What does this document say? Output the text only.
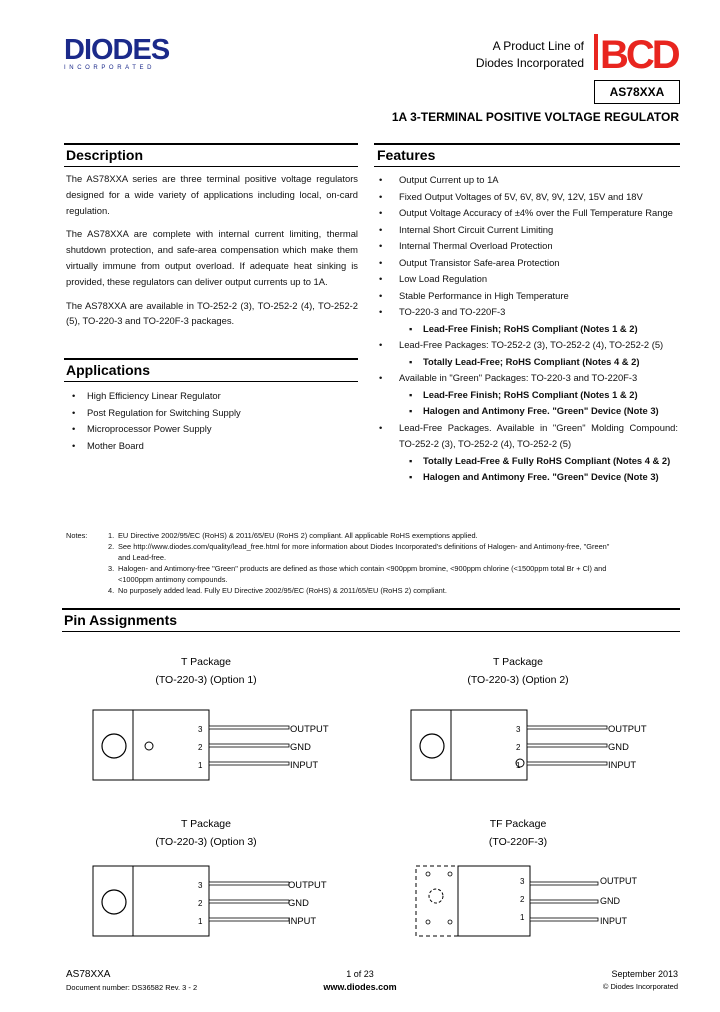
DIODES
INCORPORATED
A Product Line of
Diodes Incorporated BCD
AS78XXA
1A 3-TERMINAL POSITIVE VOLTAGE REGULATOR
Description

The AS78XXA series are three terminal positive voltage regulators designed for a wide variety of applications including local, on-card regulation.

The AS78XXA are complete with internal current limiting, thermal shutdown protection, and safe-area compensation which make them virtually immune from output overload. If adequate heat sinking is provided, these regulators can deliver output currents up to 1A.

The AS78XXA are available in TO-252-2 (3), TO-252-2 (4), TO-252-2 (5), TO-220-3 and TO-220F-3 packages.

Applications
• High Efficiency Linear Regulator
• Post Regulation for Switching Supply
• Microprocessor Power Supply
• Mother Board
Features
• Output Current up to 1A
• Fixed Output Voltages of 5V, 6V, 8V, 9V, 12V, 15V and 18V
• Output Voltage Accuracy of ±4% over the Full Temperature Range
• Internal Short Circuit Current Limiting
• Internal Thermal Overload Protection
• Output Transistor Safe-area Protection
• Low Load Regulation
• Stable Performance in High Temperature
• TO-220-3 and TO-220F-3
▪ Lead-Free Finish; RoHS Compliant (Notes 1 & 2)
• Lead-Free Packages: TO-252-2 (3), TO-252-2 (4), TO-252-2 (5)
▪ Totally Lead-Free; RoHS Compliant (Notes 4 & 2)
• Available in "Green" Packages: TO-220-3 and TO-220F-3
▪ Lead-Free Finish; RoHS Compliant (Notes 1 & 2)
▪ Halogen and Antimony Free. "Green" Device (Note 3)
• Lead-Free Packages. Available in "Green" Molding Compound: TO-252-2 (3), TO-252-2 (4), TO-252-2 (5)
▪ Totally Lead-Free & Fully RoHS Compliant (Notes 4 & 2)
▪ Halogen and Antimony Free. "Green" Device (Note 3)
Notes:	1. EU Directive 2002/95/EC (RoHS) & 2011/65/EU (RoHS 2) compliant. All applicable RoHS exemptions applied.
2. See http://www.diodes.com/quality/lead_free.html for more information about Diodes Incorporated's definitions of Halogen- and Antimony-free, "Green"
and Lead-free.
3. Halogen- and Antimony-free "Green" products are defined as those which contain <900ppm bromine, <900ppm chlorine (<1500ppm total Br + Cl) and
<1000ppm antimony compounds.
4. No purposely added lead. Fully EU Directive 2002/95/EC (RoHS) & 2011/65/EU (RoHS 2) compliant.
Pin Assignments
T Package
(TO-220-3) (Option 1)
T Package
(TO-220-3) (Option 2)
T Package
(TO-220-3) (Option 3)
TF Package
(TO-220F-3)
3
2
1
OUTPUT
GND
INPUT
3
2
1
OUTPUT
GND
INPUT
3
2
1
OUTPUT
GND
INPUT
3
2
1
OUTPUT
GND
INPUT
AS78XXA
Document number: DS36582 Rev. 3 - 2
1 of 23
www.diodes.com
September 2013
© Diodes Incorporated
